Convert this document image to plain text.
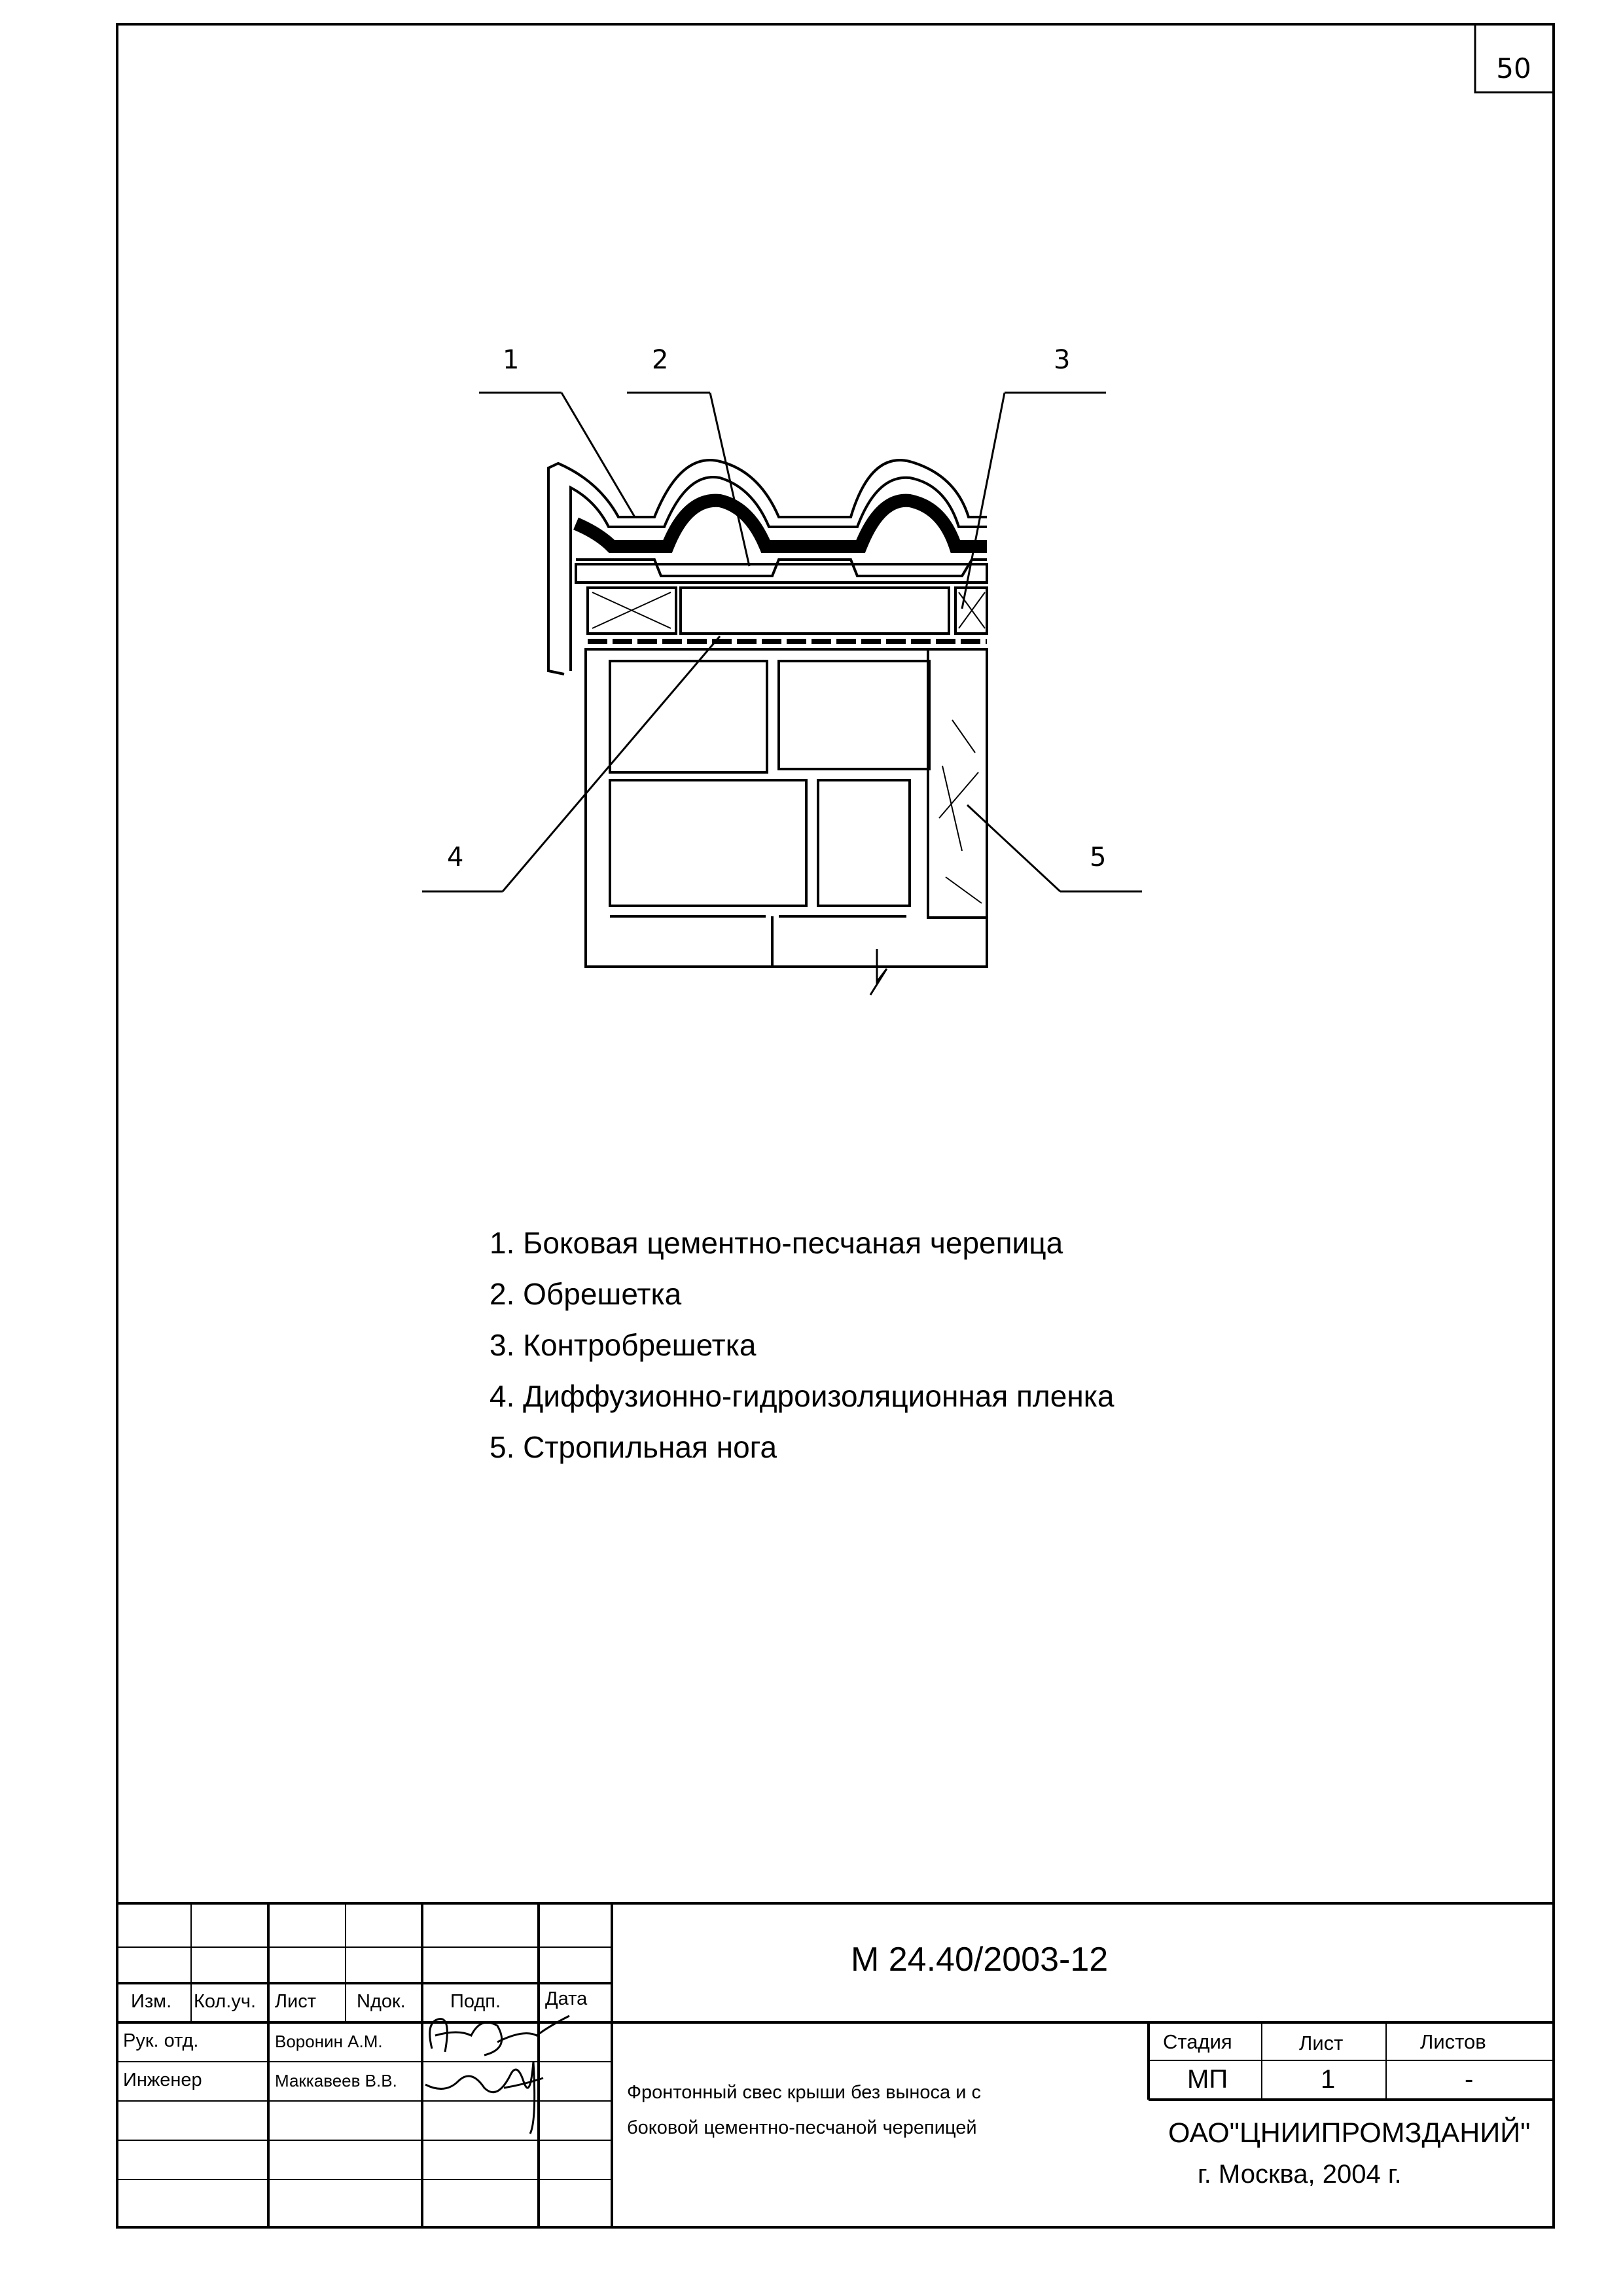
50
1	2	3
4	5
1. Боковая цементно-песчаная черепица
2. Обрешетка
3. Контробрешетка
4. Диффузионно-гидроизоляционная пленка
5. Стропильная нога
Изм. Кол.уч. Лист Nдок. Подп. Дата
Рук. отд.	Воронин А.М.
Инженер	Маккавеев В.В.
М 24.40/2003-12
Фронтонный свес крыши без выноса и с
боковой цементно-песчаной черепицей
Стадия	Лист	Листов
МП	1	-
ОАО"ЦНИИПРОМЗДАНИЙ"
г. Москва, 2004 г.
